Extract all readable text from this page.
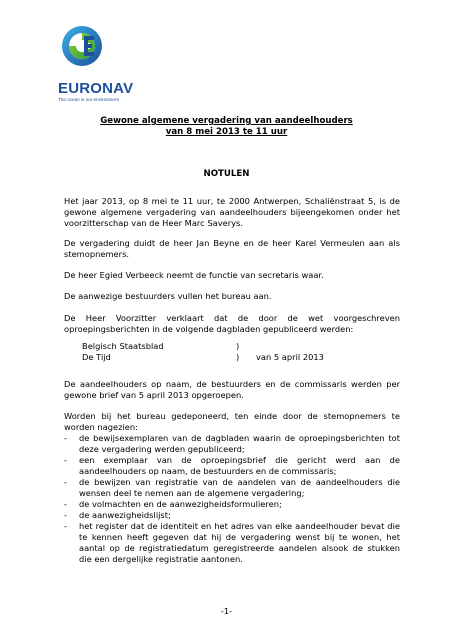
EURONAV
The ocean is our environment
Gewone algemene vergadering van aandeelhouders
van 8 mei 2013 te 11 uur
NOTULEN
Het jaar 2013, op 8 mei te 11 uur, te 2000 Antwerpen, Schaliënstraat 5, is de gewone algemene vergadering van aandeelhouders bijeengekomen onder het voorzitterschap van de Heer Marc Saverys.
De vergadering duidt de heer Jan Beyne en de heer Karel Vermeulen aan als stemopnemers.
De heer Egied Verbeeck neemt de functie van secretaris waar.
De aanwezige bestuurders vullen het bureau aan.
De Heer Voorzitter verklaart dat de door de wet voorgeschreven oproepingsberichten in de volgende dagbladen gepubliceerd werden:
Belgisch Staatsblad	)
De Tijd	) van 5 april 2013
De aandeelhouders op naam, de bestuurders en de commissaris werden per gewone brief van 5 april 2013 opgeroepen.
Worden bij het bureau gedeponeerd, ten einde door de stemopnemers te worden nagezien:
- de bewijsexemplaren van de dagbladen waarin de oproepingsberichten tot deze vergadering werden gepubliceerd;
- een exemplaar van de oproepingsbrief die gericht werd aan de aandeelhouders op naam, de bestuurders en de commissaris;
- de bewijzen van registratie van de aandelen van de aandeelhouders die wensen deel te nemen aan de algemene vergadering;
- de volmachten en de aanwezigheidsformulieren;
- de aanwezigheidslijst;
- het register dat de identiteit en het adres van elke aandeelhouder bevat die te kennen heeft gegeven dat hij de vergadering wenst bij te wonen, het aantal op de registratiedatum geregistreerde aandelen alsook de stukken die een dergelijke registratie aantonen.
-1-
